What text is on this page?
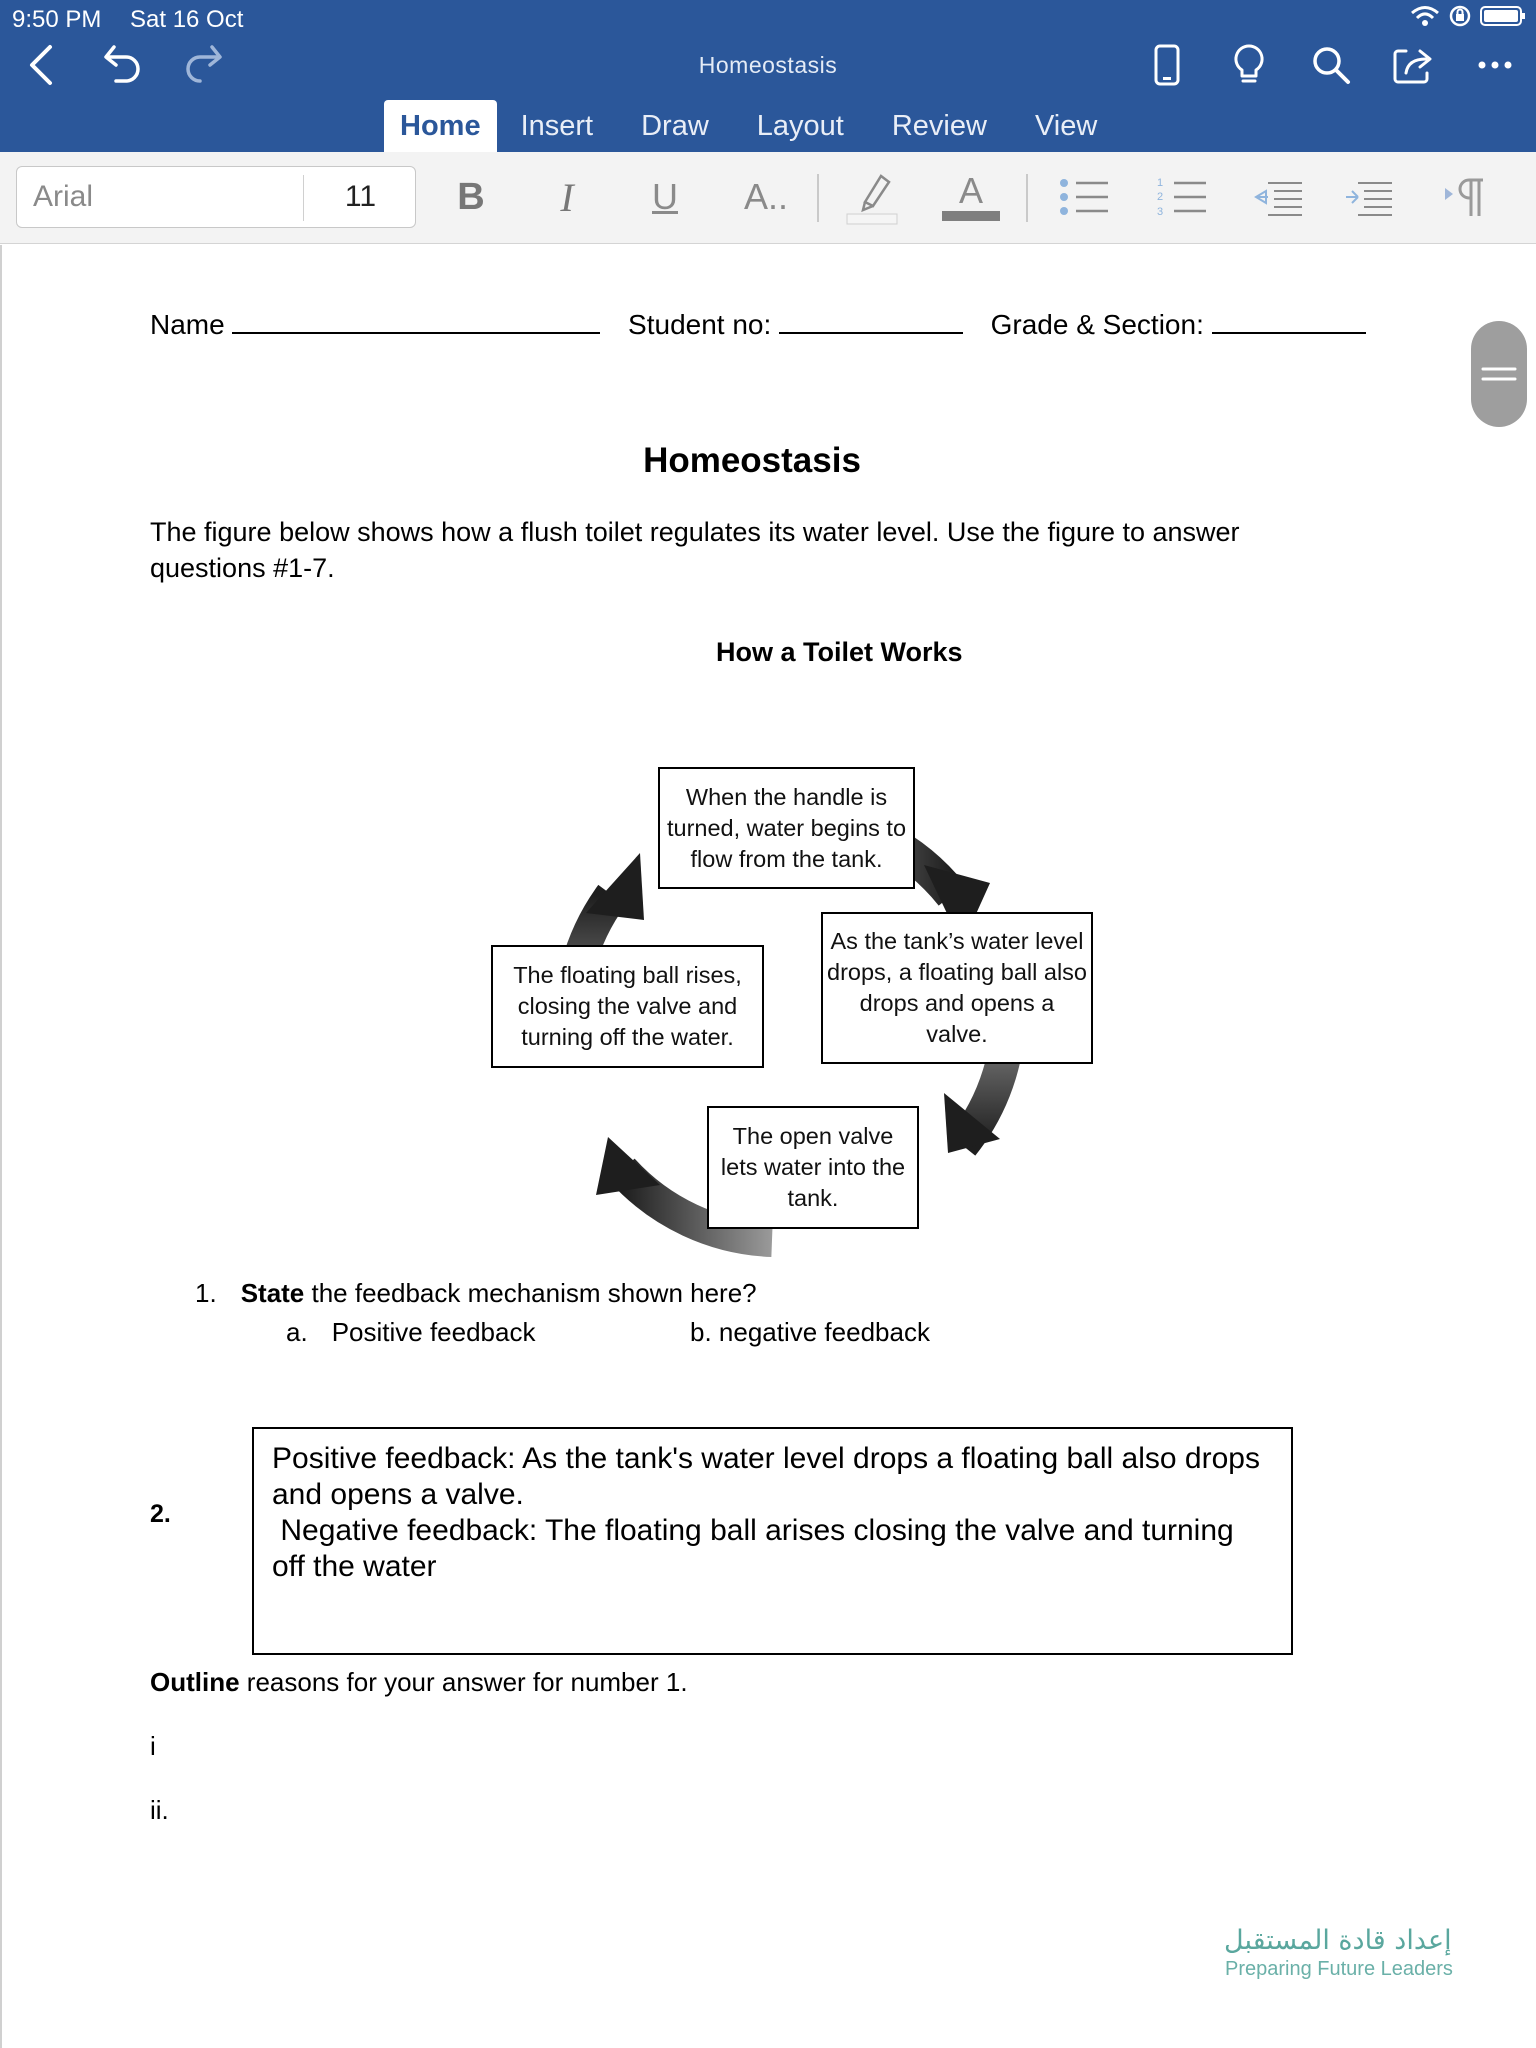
9:50 PM Sat 16 Oct
Homeostasis
Home	Insert	Draw	Layout	Review	View
Arial	11	B	I	U	A..	A	1
2
3
Name	Student no:	Grade & Section:
Homeostasis
The figure below shows how a flush toilet regulates its water level. Use the figure to answer questions #1-7.
How a Toilet Works
When the handle is turned, water begins to flow from the tank.
As the tank’s water level drops, a floating ball also drops and opens a valve.
The open valve lets water into the tank.
The floating ball rises, closing the valve and turning off the water.
1. State the feedback mechanism shown here?
a. Positive feedback	b. negative feedback
2.
Positive feedback: As the tank's water level drops a floating ball also drops and opens a valve.
Negative feedback: The floating ball arises closing the valve and turning off the water
Outline reasons for your answer for number 1.
i
ii.
إعداد قادة المستقبل
Preparing Future Leaders
